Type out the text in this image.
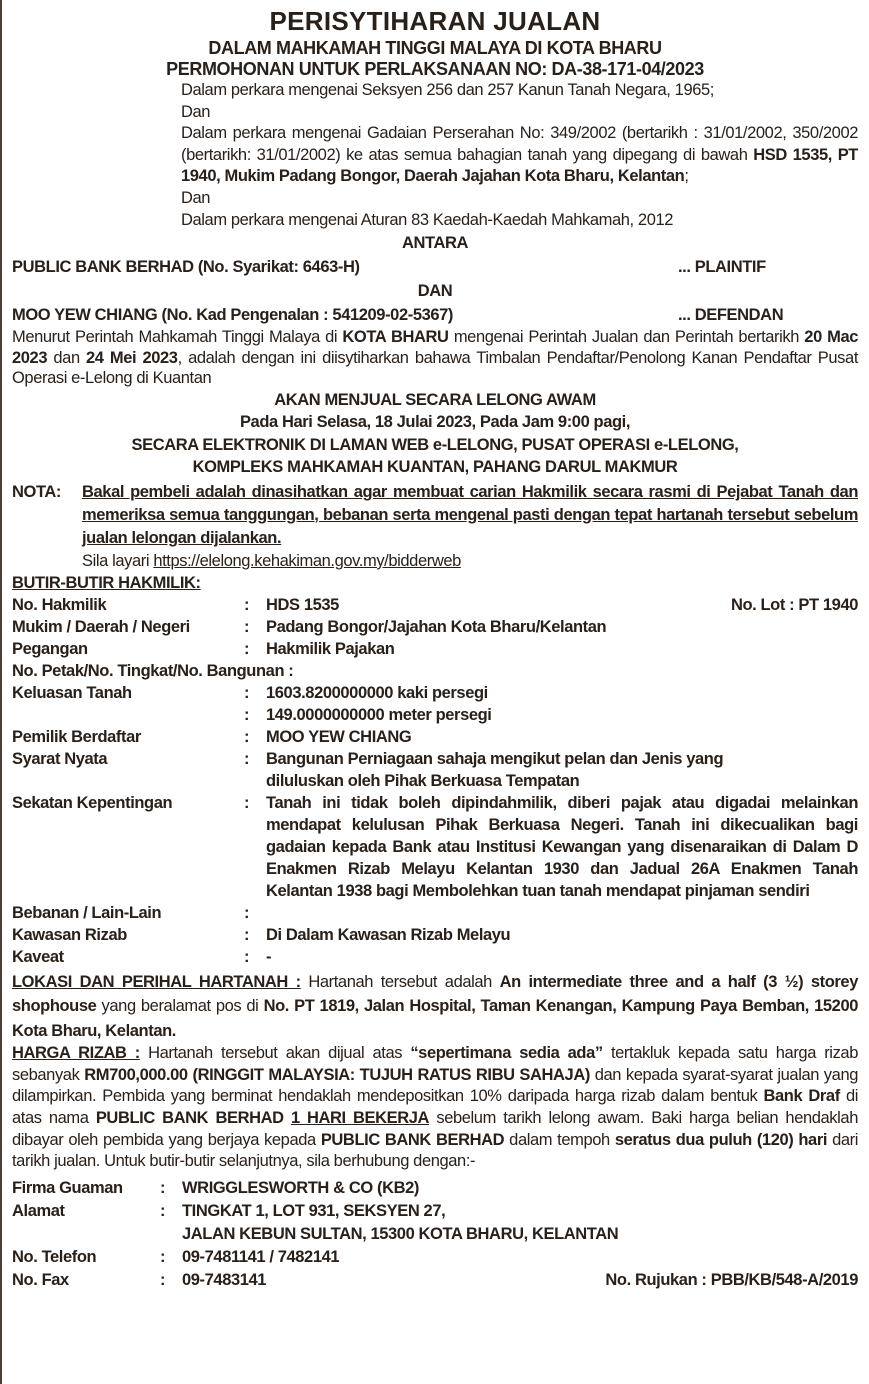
PERISYTIHARAN JUALAN
DALAM MAHKAMAH TINGGI MALAYA DI KOTA BHARU
PERMOHONAN UNTUK PERLAKSANAAN NO: DA-38-171-04/2023
Dalam perkara mengenai Seksyen 256 dan 257 Kanun Tanah Negara, 1965;
Dan
Dalam perkara mengenai Gadaian Perserahan No: 349/2002 (bertarikh : 31/01/2002, 350/2002 (bertarikh: 31/01/2002) ke atas semua bahagian tanah yang dipegang di bawah HSD 1535, PT 1940, Mukim Padang Bongor, Daerah Jajahan Kota Bharu, Kelantan;
Dan
Dalam perkara mengenai Aturan 83 Kaedah-Kaedah Mahkamah, 2012
ANTARA
PUBLIC BANK BERHAD (No. Syarikat: 6463-H)	... PLAINTIF
DAN
MOO YEW CHIANG (No. Kad Pengenalan : 541209-02-5367)	... DEFENDAN
Menurut Perintah Mahkamah Tinggi Malaya di KOTA BHARU mengenai Perintah Jualan dan Perintah bertarikh 20 Mac 2023 dan 24 Mei 2023, adalah dengan ini diisytiharkan bahawa Timbalan Pendaftar/Penolong Kanan Pendaftar Pusat Operasi e-Lelong di Kuantan
AKAN MENJUAL SECARA LELONG AWAM
Pada Hari Selasa, 18 Julai 2023, Pada Jam 9:00 pagi,
SECARA ELEKTRONIK DI LAMAN WEB e-LELONG, PUSAT OPERASI e-LELONG,
KOMPLEKS MAHKAMAH KUANTAN, PAHANG DARUL MAKMUR
NOTA:	Bakal pembeli adalah dinasihatkan agar membuat carian Hakmilik secara rasmi di Pejabat Tanah dan memeriksa semua tanggungan, bebanan serta mengenal pasti dengan tepat hartanah tersebut sebelum jualan lelongan dijalankan.
Sila layari https://elelong.kehakiman.gov.my/bidderweb
BUTIR-BUTIR HAKMILIK:
No. Hakmilik	:	HDS 1535	No. Lot : PT 1940
Mukim / Daerah / Negeri	:	Padang Bongor/Jajahan Kota Bharu/Kelantan
Pegangan	:	Hakmilik Pajakan
No. Petak/No. Tingkat/No. Bangunan :
Keluasan Tanah	:	1603.8200000000 kaki persegi
:	149.0000000000 meter persegi
Pemilik Berdaftar	:	MOO YEW CHIANG
Syarat Nyata	:	Bangunan Perniagaan sahaja mengikut pelan dan Jenis yang diluluskan oleh Pihak Berkuasa Tempatan
Sekatan Kepentingan	:	Tanah ini tidak boleh dipindahmilik, diberi pajak atau digadai melainkan mendapat kelulusan Pihak Berkuasa Negeri. Tanah ini dikecualikan bagi gadaian kepada Bank atau Institusi Kewangan yang disenaraikan di Dalam D Enakmen Rizab Melayu Kelantan 1930 dan Jadual 26A Enakmen Tanah Kelantan 1938 bagi Membolehkan tuan tanah mendapat pinjaman sendiri
Bebanan / Lain-Lain	:
Kawasan Rizab	:	Di Dalam Kawasan Rizab Melayu
Kaveat	:	-
LOKASI DAN PERIHAL HARTANAH : Hartanah tersebut adalah An intermediate three and a half (3 ½) storey shophouse yang beralamat pos di No. PT 1819, Jalan Hospital, Taman Kenangan, Kampung Paya Bemban, 15200 Kota Bharu, Kelantan.
HARGA RIZAB : Hartanah tersebut akan dijual atas “sepertimana sedia ada” tertakluk kepada satu harga rizab sebanyak RM700,000.00 (RINGGIT MALAYSIA: TUJUH RATUS RIBU SAHAJA) dan kepada syarat-syarat jualan yang dilampirkan. Pembida yang berminat hendaklah mendepositkan 10% daripada harga rizab dalam bentuk Bank Draf di atas nama PUBLIC BANK BERHAD 1 HARI BEKERJA sebelum tarikh lelong awam. Baki harga belian hendaklah dibayar oleh pembida yang berjaya kepada PUBLIC BANK BERHAD dalam tempoh seratus dua puluh (120) hari dari tarikh jualan. Untuk butir-butir selanjutnya, sila berhubung dengan:-
Firma Guaman	:	WRIGGLESWORTH & CO (KB2)
Alamat	:	TINGKAT 1, LOT 931, SEKSYEN 27,
JALAN KEBUN SULTAN, 15300 KOTA BHARU, KELANTAN
No. Telefon	:	09-7481141 / 7482141
No. Fax	:	09-7483141	No. Rujukan : PBB/KB/548-A/2019
